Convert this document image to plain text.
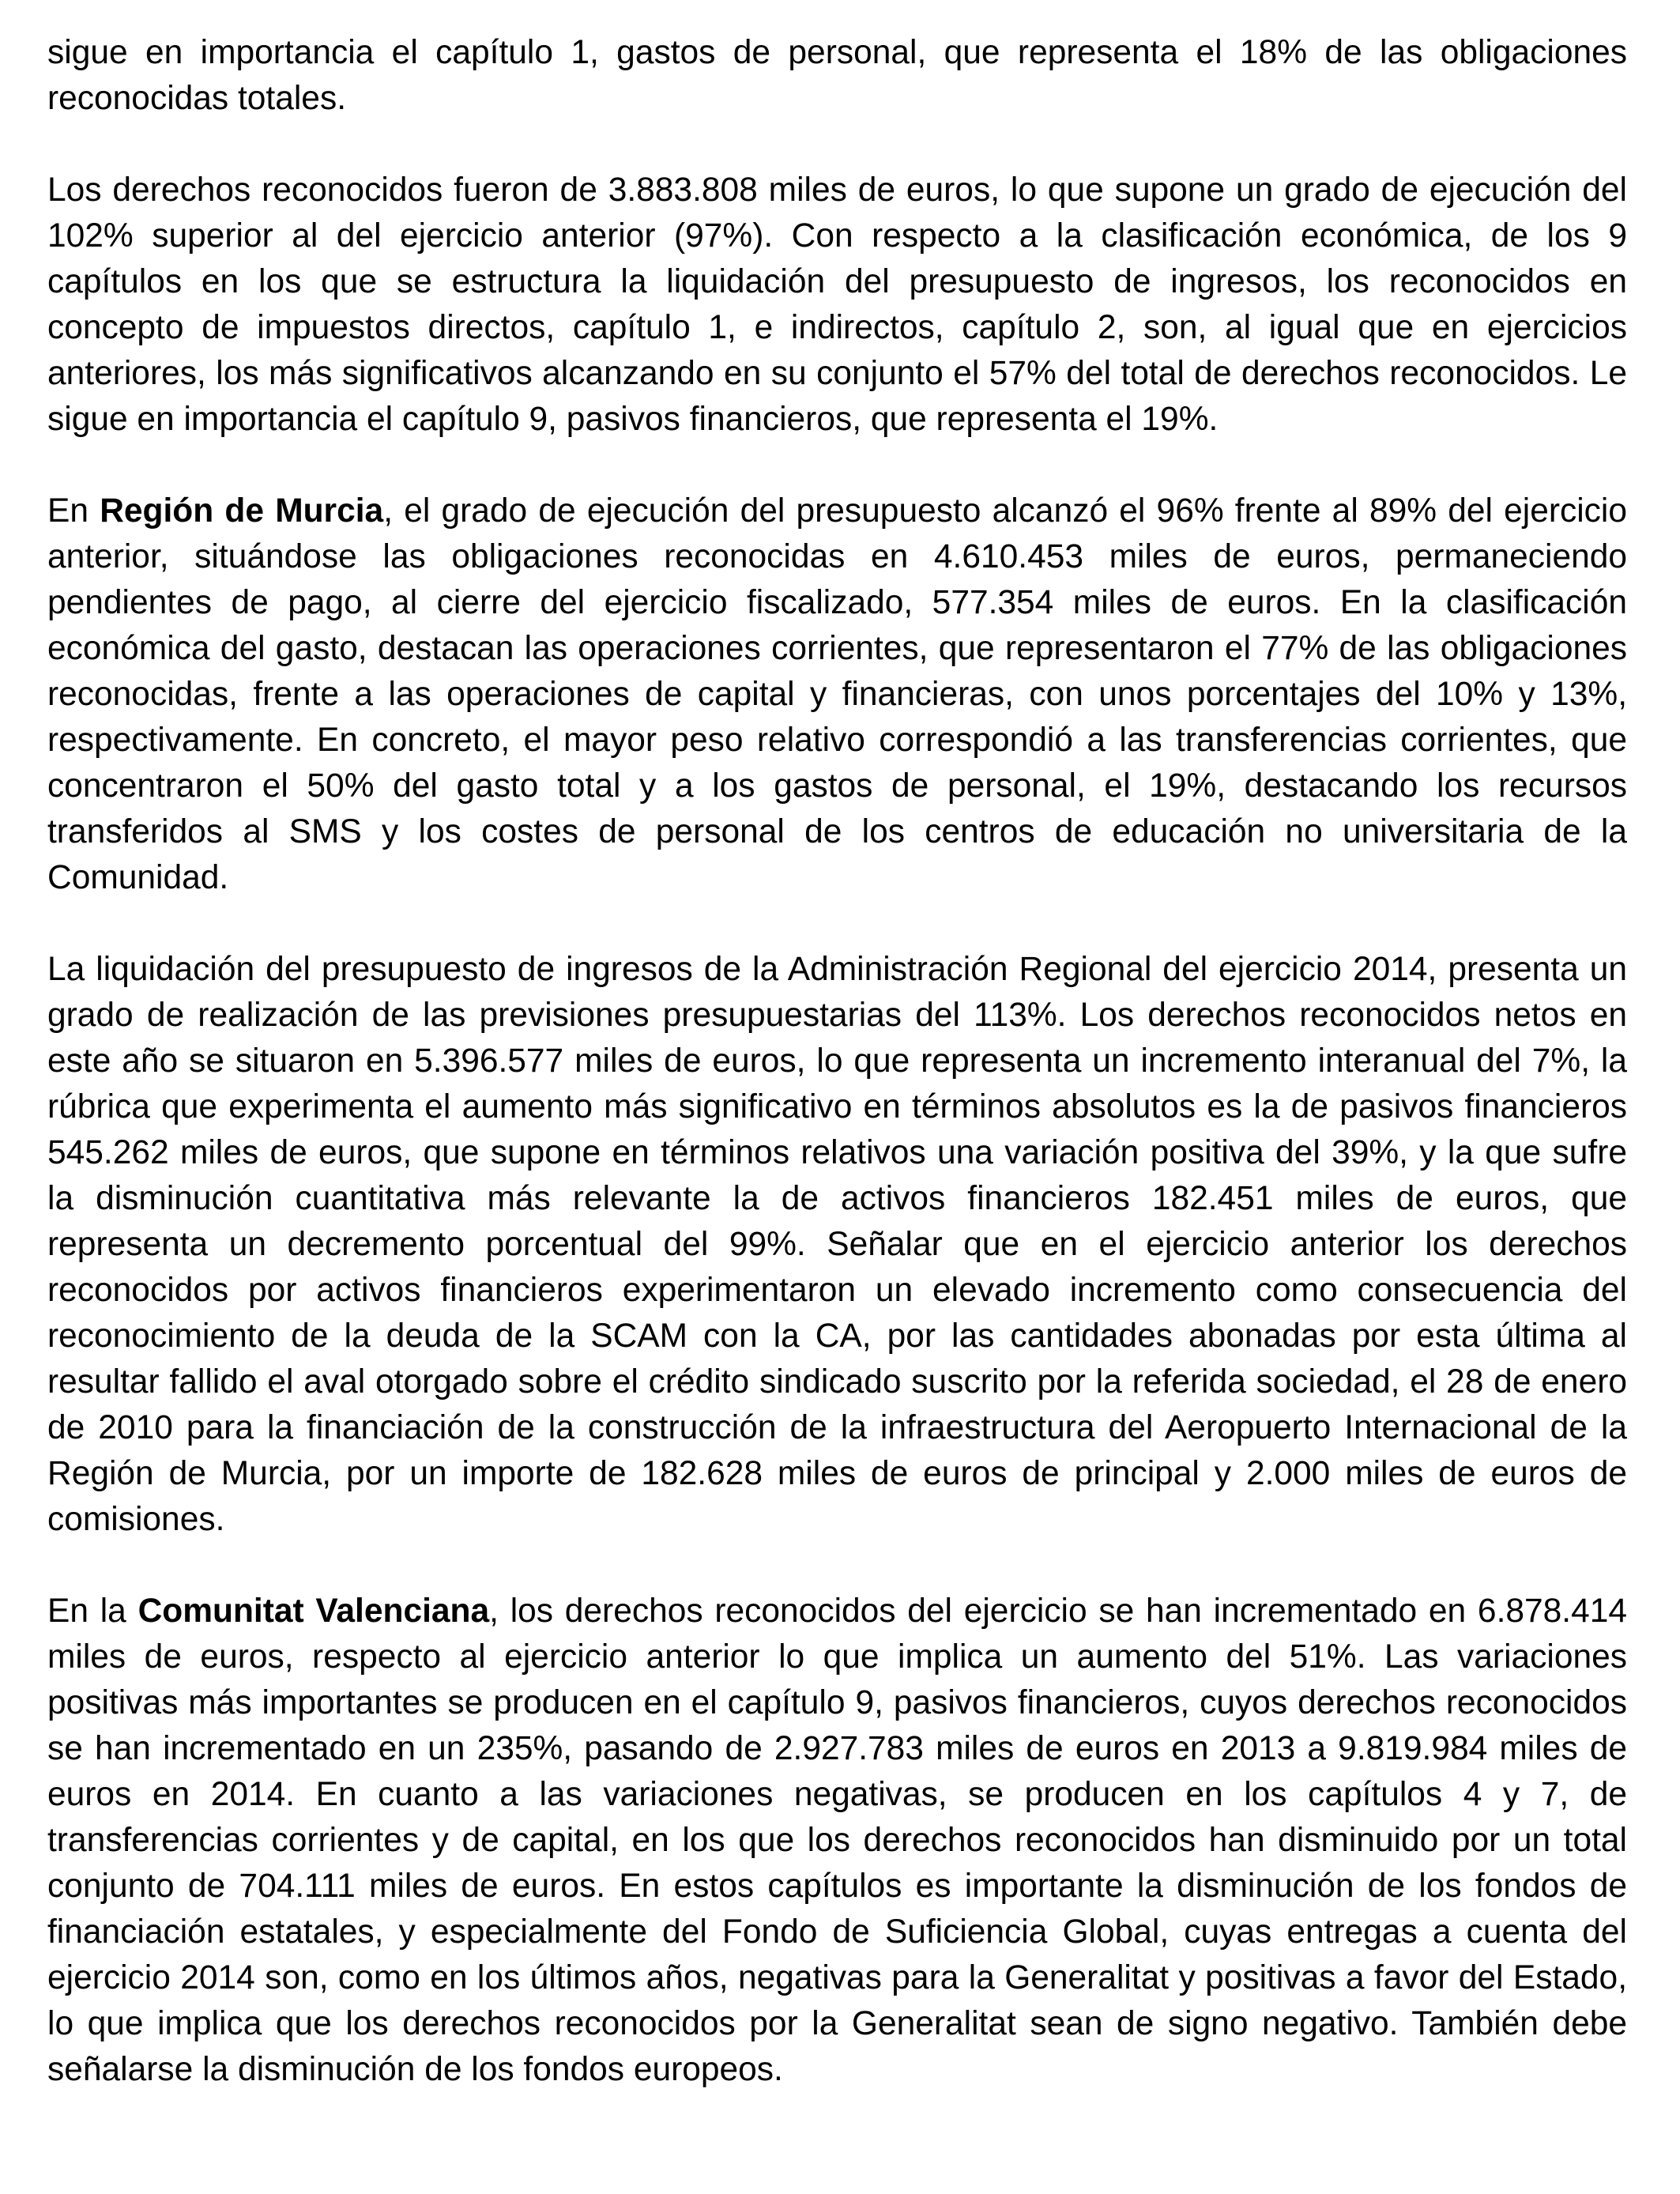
sigue en importancia el capítulo 1, gastos de personal, que representa el 18% de las obligaciones reconocidas totales.

Los derechos reconocidos fueron de 3.883.808 miles de euros, lo que supone un grado de ejecución del 102% superior al del ejercicio anterior (97%). Con respecto a la clasificación económica, de los 9 capítulos en los que se estructura la liquidación del presupuesto de ingresos, los reconocidos en concepto de impuestos directos, capítulo 1, e indirectos, capítulo 2, son, al igual que en ejercicios anteriores, los más significativos alcanzando en su conjunto el 57% del total de derechos reconocidos. Le sigue en importancia el capítulo 9, pasivos financieros, que representa el 19%.

En Región de Murcia, el grado de ejecución del presupuesto alcanzó el 96% frente al 89% del ejercicio anterior, situándose las obligaciones reconocidas en 4.610.453 miles de euros, permaneciendo pendientes de pago, al cierre del ejercicio fiscalizado, 577.354 miles de euros. En la clasificación económica del gasto, destacan las operaciones corrientes, que representaron el 77% de las obligaciones reconocidas, frente a las operaciones de capital y financieras, con unos porcentajes del 10% y 13%, respectivamente. En concreto, el mayor peso relativo correspondió a las transferencias corrientes, que concentraron el 50% del gasto total y a los gastos de personal, el 19%, destacando los recursos transferidos al SMS y los costes de personal de los centros de educación no universitaria de la Comunidad.

La liquidación del presupuesto de ingresos de la Administración Regional del ejercicio 2014, presenta un grado de realización de las previsiones presupuestarias del 113%. Los derechos reconocidos netos en este año se situaron en 5.396.577 miles de euros, lo que representa un incremento interanual del 7%, la rúbrica que experimenta el aumento más significativo en términos absolutos es la de pasivos financieros 545.262 miles de euros, que supone en términos relativos una variación positiva del 39%, y la que sufre la disminución cuantitativa más relevante la de activos financieros 182.451 miles de euros, que representa un decremento porcentual del 99%. Señalar que en el ejercicio anterior los derechos reconocidos por activos financieros experimentaron un elevado incremento como consecuencia del reconocimiento de la deuda de la SCAM con la CA, por las cantidades abonadas por esta última al resultar fallido el aval otorgado sobre el crédito sindicado suscrito por la referida sociedad, el 28 de enero de 2010 para la financiación de la construcción de la infraestructura del Aeropuerto Internacional de la Región de Murcia, por un importe de 182.628 miles de euros de principal y 2.000 miles de euros de comisiones.

En la Comunitat Valenciana, los derechos reconocidos del ejercicio se han incrementado en 6.878.414 miles de euros, respecto al ejercicio anterior lo que implica un aumento del 51%. Las variaciones positivas más importantes se producen en el capítulo 9, pasivos financieros, cuyos derechos reconocidos se han incrementado en un 235%, pasando de 2.927.783 miles de euros en 2013 a 9.819.984 miles de euros en 2014. En cuanto a las variaciones negativas, se producen en los capítulos 4 y 7, de transferencias corrientes y de capital, en los que los derechos reconocidos han disminuido por un total conjunto de 704.111 miles de euros. En estos capítulos es importante la disminución de los fondos de financiación estatales, y especialmente del Fondo de Suficiencia Global, cuyas entregas a cuenta del ejercicio 2014 son, como en los últimos años, negativas para la Generalitat y positivas a favor del Estado, lo que implica que los derechos reconocidos por la Generalitat sean de signo negativo. También debe señalarse la disminución de los fondos europeos.
